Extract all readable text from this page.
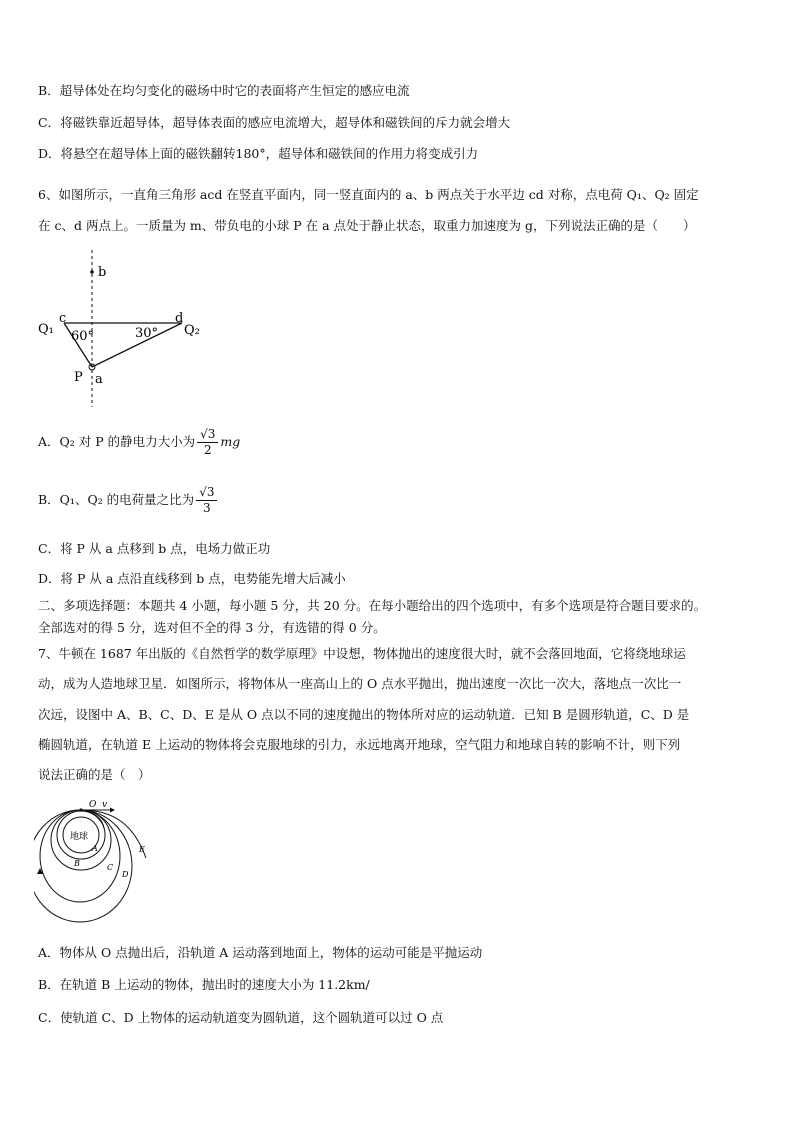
B．超导体处在均匀变化的磁场中时它的表面将产生恒定的感应电流
C．将磁铁靠近超导体，超导体表面的感应电流增大，超导体和磁铁间的斥力就会增大
D．将悬空在超导体上面的磁铁翻转180°，超导体和磁铁间的作用力将变成引力
6、如图所示，一直角三角形 acd 在竖直平面内，同一竖直面内的 a、b 两点关于水平边 cd 对称，点电荷 Q₁、Q₂ 固定
在 c、d 两点上。一质量为 m、带负电的小球 P 在 a 点处于静止状态，取重力加速度为 g，下列说法正确的是（　　）
b
c	d
Q₁	Q₂
60°	30°
P a
A．Q₂ 对 P 的静电力大小为 $\frac{√3}{2}$ mg
B．Q₁、Q₂ 的电荷量之比为 $\frac{√3}{3}$
C．将 P 从 a 点移到 b 点，电场力做正功
D．将 P 从 a 点沿直线移到 b 点，电势能先增大后减小
二、多项选择题：本题共 4 小题，每小题 5 分，共 20 分。在每小题给出的四个选项中，有多个选项是符合题目要求的。
全部选对的得 5 分，选对但不全的得 3 分，有选错的得 0 分。
7、牛顿在 1687 年出版的《自然哲学的数学原理》中设想，物体抛出的速度很大时，就不会落回地面，它将绕地球运
动，成为人造地球卫星．如图所示，将物体从一座高山上的 O 点水平抛出，抛出速度一次比一次大，落地点一次比一
次远，设图中 A、B、C、D、E 是从 O 点以不同的速度抛出的物体所对应的运动轨道．已知 B 是圆形轨道，C、D 是
椭圆轨道，在轨道 E 上运动的物体将会克服地球的引力，永远地离开地球，空气阻力和地球自转的影响不计，则下列
说法正确的是（　）
地球
O v
A
B	C
D
E
A．物体从 O 点抛出后，沿轨道 A 运动落到地面上，物体的运动可能是平抛运动
B．在轨道 B 上运动的物体，抛出时的速度大小为 11.2km/
C．使轨道 C、D 上物体的运动轨道变为圆轨道，这个圆轨道可以过 O 点
